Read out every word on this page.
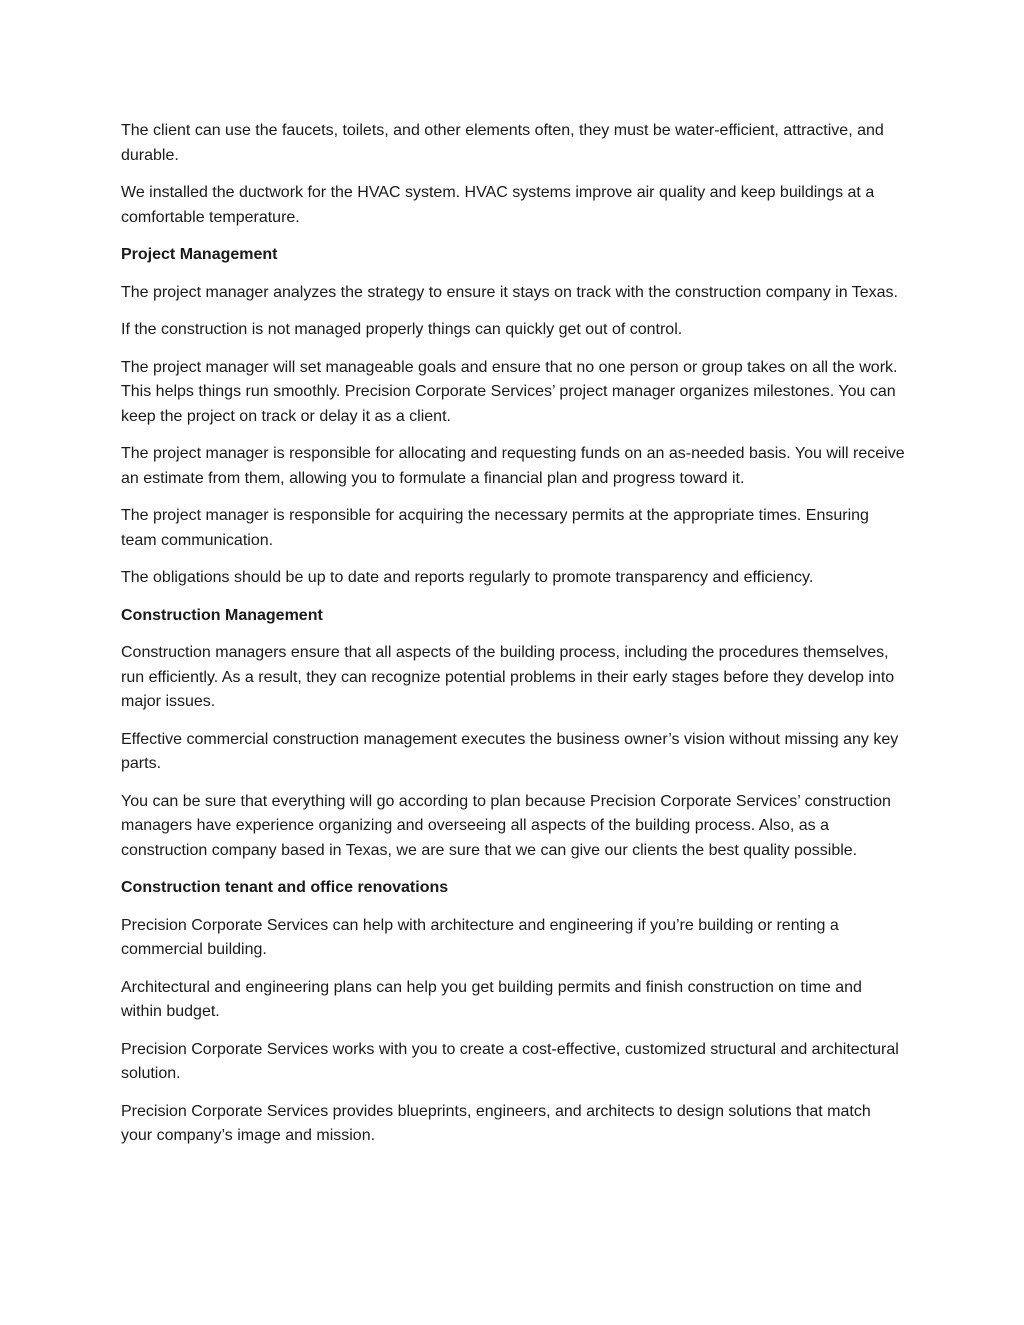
The client can use the faucets, toilets, and other elements often, they must be water-efficient, attractive, and durable.

We installed the ductwork for the HVAC system. HVAC systems improve air quality and keep buildings at a comfortable temperature.

Project Management

The project manager analyzes the strategy to ensure it stays on track with the construction company in Texas.

If the construction is not managed properly things can quickly get out of control.

The project manager will set manageable goals and ensure that no one person or group takes on all the work. This helps things run smoothly. Precision Corporate Services’ project manager organizes milestones. You can keep the project on track or delay it as a client.

The project manager is responsible for allocating and requesting funds on an as-needed basis. You will receive an estimate from them, allowing you to formulate a financial plan and progress toward it.

The project manager is responsible for acquiring the necessary permits at the appropriate times. Ensuring team communication.

The obligations should be up to date and reports regularly to promote transparency and efficiency.

Construction Management

Construction managers ensure that all aspects of the building process, including the procedures themselves, run efficiently. As a result, they can recognize potential problems in their early stages before they develop into major issues.

Effective commercial construction management executes the business owner’s vision without missing any key parts.

You can be sure that everything will go according to plan because Precision Corporate Services’ construction managers have experience organizing and overseeing all aspects of the building process. Also, as a construction company based in Texas, we are sure that we can give our clients the best quality possible.

Construction tenant and office renovations

Precision Corporate Services can help with architecture and engineering if you’re building or renting a commercial building.

Architectural and engineering plans can help you get building permits and finish construction on time and within budget.

Precision Corporate Services works with you to create a cost-effective, customized structural and architectural solution.

Precision Corporate Services provides blueprints, engineers, and architects to design solutions that match your company’s image and mission.
